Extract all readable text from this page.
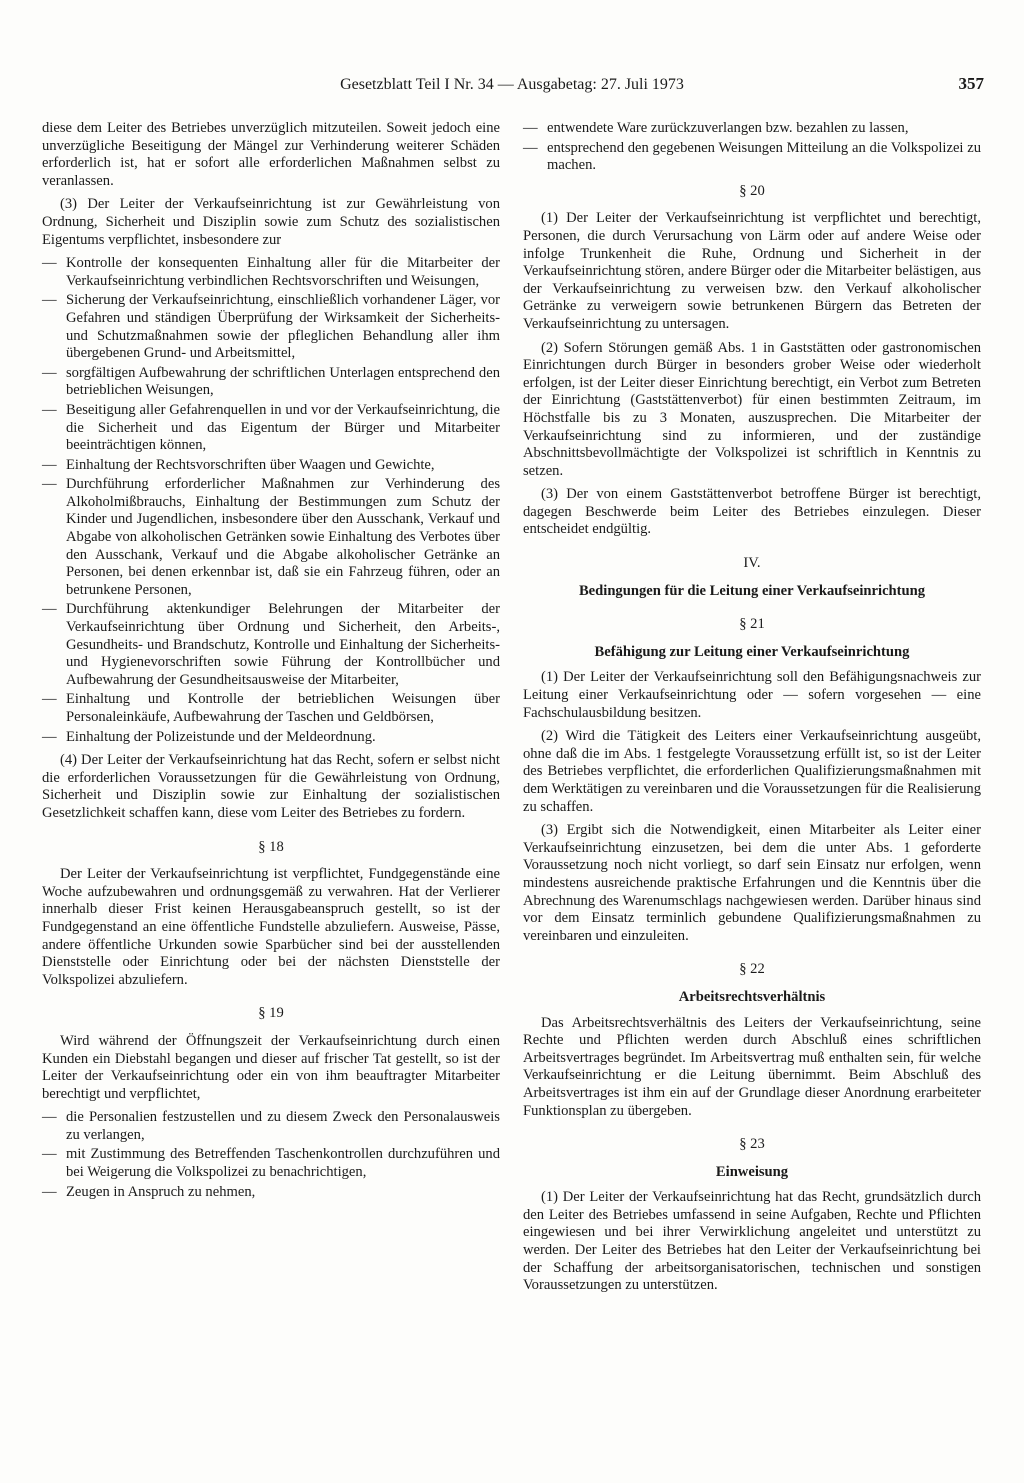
Gesetzblatt Teil I Nr. 34 — Ausgabetag: 27. Juli 1973	357

diese dem Leiter des Betriebes unverzüglich mitzuteilen. Soweit jedoch eine unverzügliche Beseitigung der Mängel zur Verhinderung weiterer Schäden erforderlich ist, hat er sofort alle erforderlichen Maßnahmen selbst zu veranlassen.

(3) Der Leiter der Verkaufseinrichtung ist zur Gewährleistung von Ordnung, Sicherheit und Disziplin sowie zum Schutz des sozialistischen Eigentums verpflichtet, insbesondere zur

— Kontrolle der konsequenten Einhaltung aller für die Mitarbeiter der Verkaufseinrichtung verbindlichen Rechtsvorschriften und Weisungen,
— Sicherung der Verkaufseinrichtung, einschließlich vorhandener Läger, vor Gefahren und ständigen Überprüfung der Wirksamkeit der Sicherheits- und Schutzmaßnahmen sowie der pfleglichen Behandlung aller ihm übergebenen Grund- und Arbeitsmittel,
— sorgfältigen Aufbewahrung der schriftlichen Unterlagen entsprechend den betrieblichen Weisungen,
— Beseitigung aller Gefahrenquellen in und vor der Verkaufseinrichtung, die die Sicherheit und das Eigentum der Bürger und Mitarbeiter beeinträchtigen können,
— Einhaltung der Rechtsvorschriften über Waagen und Gewichte,
— Durchführung erforderlicher Maßnahmen zur Verhinderung des Alkoholmißbrauchs, Einhaltung der Bestimmungen zum Schutz der Kinder und Jugendlichen, insbesondere über den Ausschank, Verkauf und Abgabe von alkoholischen Getränken sowie Einhaltung des Verbotes über den Ausschank, Verkauf und die Abgabe alkoholischer Getränke an Personen, bei denen erkennbar ist, daß sie ein Fahrzeug führen, oder an betrunkene Personen,
— Durchführung aktenkundiger Belehrungen der Mitarbeiter der Verkaufseinrichtung über Ordnung und Sicherheit, den Arbeits-, Gesundheits- und Brandschutz, Kontrolle und Einhaltung der Sicherheits- und Hygienevorschriften sowie Führung der Kontrollbücher und Aufbewahrung der Gesundheitsausweise der Mitarbeiter,
— Einhaltung und Kontrolle der betrieblichen Weisungen über Personaleinkäufe, Aufbewahrung der Taschen und Geldbörsen,
— Einhaltung der Polizeistunde und der Meldeordnung.

(4) Der Leiter der Verkaufseinrichtung hat das Recht, sofern er selbst nicht die erforderlichen Voraussetzungen für die Gewährleistung von Ordnung, Sicherheit und Disziplin sowie zur Einhaltung der sozialistischen Gesetzlichkeit schaffen kann, diese vom Leiter des Betriebes zu fordern.

§ 18

Der Leiter der Verkaufseinrichtung ist verpflichtet, Fundgegenstände eine Woche aufzubewahren und ordnungsgemäß zu verwahren. Hat der Verlierer innerhalb dieser Frist keinen Herausgabeanspruch gestellt, so ist der Fundgegenstand an eine öffentliche Fundstelle abzuliefern. Ausweise, Pässe, andere öffentliche Urkunden sowie Sparbücher sind bei der ausstellenden Dienststelle oder Einrichtung oder bei der nächsten Dienststelle der Volkspolizei abzuliefern.

§ 19

Wird während der Öffnungszeit der Verkaufseinrichtung durch einen Kunden ein Diebstahl begangen und dieser auf frischer Tat gestellt, so ist der Leiter der Verkaufseinrichtung oder ein von ihm beauftragter Mitarbeiter berechtigt und verpflichtet,

— die Personalien festzustellen und zu diesem Zweck den Personalausweis zu verlangen,
— mit Zustimmung des Betreffenden Taschenkontrollen durchzuführen und bei Weigerung die Volkspolizei zu benachrichtigen,
— Zeugen in Anspruch zu nehmen,
— entwendete Ware zurückzuverlangen bzw. bezahlen zu lassen,
— entsprechend den gegebenen Weisungen Mitteilung an die Volkspolizei zu machen.
§ 20

(1) Der Leiter der Verkaufseinrichtung ist verpflichtet und berechtigt, Personen, die durch Verursachung von Lärm oder auf andere Weise oder infolge Trunkenheit die Ruhe, Ordnung und Sicherheit in der Verkaufseinrichtung stören, andere Bürger oder die Mitarbeiter belästigen, aus der Verkaufseinrichtung zu verweisen bzw. den Verkauf alkoholischer Getränke zu verweigern sowie betrunkenen Bürgern das Betreten der Verkaufseinrichtung zu untersagen.

(2) Sofern Störungen gemäß Abs. 1 in Gaststätten oder gastronomischen Einrichtungen durch Bürger in besonders grober Weise oder wiederholt erfolgen, ist der Leiter dieser Einrichtung berechtigt, ein Verbot zum Betreten der Einrichtung (Gaststättenverbot) für einen bestimmten Zeitraum, im Höchstfalle bis zu 3 Monaten, auszusprechen. Die Mitarbeiter der Verkaufseinrichtung sind zu informieren, und der zuständige Abschnittsbevollmächtigte der Volkspolizei ist schriftlich in Kenntnis zu setzen.

(3) Der von einem Gaststättenverbot betroffene Bürger ist berechtigt, dagegen Beschwerde beim Leiter des Betriebes einzulegen. Dieser entscheidet endgültig.

IV.
Bedingungen für die Leitung einer Verkaufseinrichtung
§ 21
Befähigung zur Leitung einer Verkaufseinrichtung

(1) Der Leiter der Verkaufseinrichtung soll den Befähigungsnachweis zur Leitung einer Verkaufseinrichtung oder — sofern vorgesehen — eine Fachschulausbildung besitzen.

(2) Wird die Tätigkeit des Leiters einer Verkaufseinrichtung ausgeübt, ohne daß die im Abs. 1 festgelegte Voraussetzung erfüllt ist, so ist der Leiter des Betriebes verpflichtet, die erforderlichen Qualifizierungsmaßnahmen mit dem Werktätigen zu vereinbaren und die Voraussetzungen für die Realisierung zu schaffen.

(3) Ergibt sich die Notwendigkeit, einen Mitarbeiter als Leiter einer Verkaufseinrichtung einzusetzen, bei dem die unter Abs. 1 geforderte Voraussetzung noch nicht vorliegt, so darf sein Einsatz nur erfolgen, wenn mindestens ausreichende praktische Erfahrungen und die Kenntnis über die Abrechnung des Warenumschlags nachgewiesen werden. Darüber hinaus sind vor dem Einsatz terminlich gebundene Qualifizierungsmaßnahmen zu vereinbaren und einzuleiten.

§ 22
Arbeitsrechtsverhältnis

Das Arbeitsrechtsverhältnis des Leiters der Verkaufseinrichtung, seine Rechte und Pflichten werden durch Abschluß eines schriftlichen Arbeitsvertrages begründet. Im Arbeitsvertrag muß enthalten sein, für welche Verkaufseinrichtung er die Leitung übernimmt. Beim Abschluß des Arbeitsvertrages ist ihm ein auf der Grundlage dieser Anordnung erarbeiteter Funktionsplan zu übergeben.

§ 23
Einweisung

(1) Der Leiter der Verkaufseinrichtung hat das Recht, grundsätzlich durch den Leiter des Betriebes umfassend in seine Aufgaben, Rechte und Pflichten eingewiesen und bei ihrer Verwirklichung angeleitet und unterstützt zu werden. Der Leiter des Betriebes hat den Leiter der Verkaufseinrichtung bei der Schaffung der arbeitsorganisatorischen, technischen und sonstigen Voraussetzungen zu unterstützen.
